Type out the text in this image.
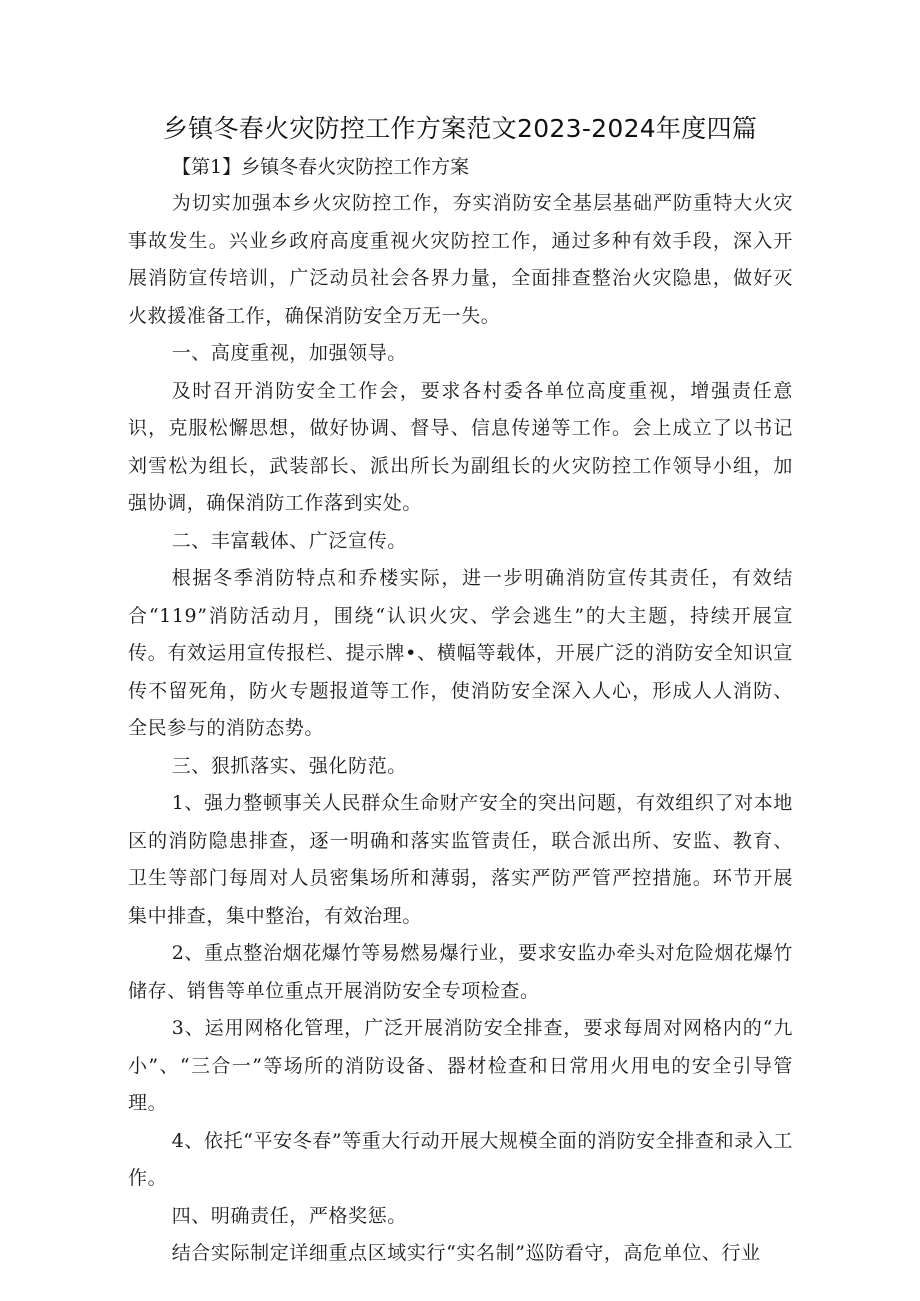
乡镇冬春火灾防控工作方案范文2023-2024年度四篇

【第1】乡镇冬春火灾防控工作方案

为切实加强本乡火灾防控工作，夯实消防安全基层基础严防重特大火灾事故发生。兴业乡政府高度重视火灾防控工作，通过多种有效手段，深入开展消防宣传培训，广泛动员社会各界力量，全面排查整治火灾隐患，做好灭火救援准备工作，确保消防安全万无一失。

一、高度重视，加强领导。

及时召开消防安全工作会，要求各村委各单位高度重视，增强责任意识，克服松懈思想，做好协调、督导、信息传递等工作。会上成立了以书记刘雪松为组长，武装部长、派出所长为副组长的火灾防控工作领导小组，加强协调，确保消防工作落到实处。

二、丰富载体、广泛宣传。

根据冬季消防特点和乔楼实际，进一步明确消防宣传其责任，有效结合“119”消防活动月，围绕“认识火灾、学会逃生”的大主题，持续开展宣传。有效运用宣传报栏、提示牌•、横幅等载体，开展广泛的消防安全知识宣传不留死角，防火专题报道等工作，使消防安全深入人心，形成人人消防、全民参与的消防态势。

三、狠抓落实、强化防范。

1、强力整顿事关人民群众生命财产安全的突出问题，有效组织了对本地区的消防隐患排查，逐一明确和落实监管责任，联合派出所、安监、教育、卫生等部门每周对人员密集场所和薄弱，落实严防严管严控措施。环节开展集中排查，集中整治，有效治理。

2、重点整治烟花爆竹等易燃易爆行业，要求安监办牵头对危险烟花爆竹储存、销售等单位重点开展消防安全专项检查。

3、运用网格化管理，广泛开展消防安全排查，要求每周对网格内的“九小”、“三合一”等场所的消防设备、器材检查和日常用火用电的安全引导管理。

4、依托“平安冬春”等重大行动开展大规模全面的消防安全排查和录入工作。

四、明确责任，严格奖惩。

结合实际制定详细重点区域实行“实名制”巡防看守，高危单位、行业
